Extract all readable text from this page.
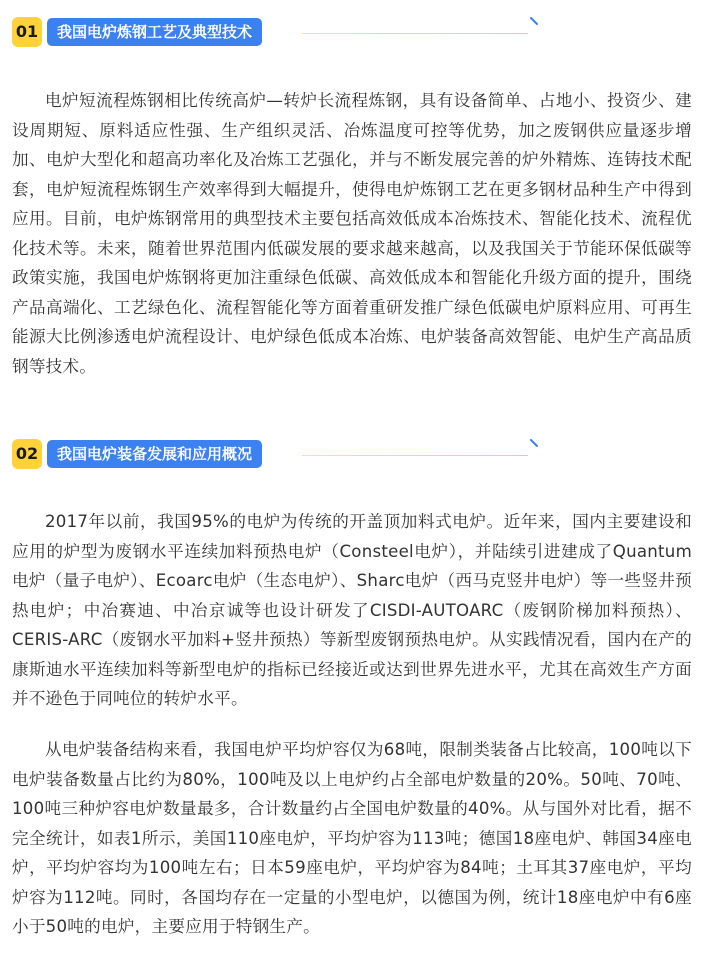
01	我国电炉炼钢工艺及典型技术

电炉短流程炼钢相比传统高炉—转炉长流程炼钢，具有设备简单、占地小、投资少、建设周期短、原料适应性强、生产组织灵活、冶炼温度可控等优势，加之废钢供应量逐步增加、电炉大型化和超高功率化及冶炼工艺强化，并与不断发展完善的炉外精炼、连铸技术配套，电炉短流程炼钢生产效率得到大幅提升，使得电炉炼钢工艺在更多钢材品种生产中得到应用。目前，电炉炼钢常用的典型技术主要包括高效低成本冶炼技术、智能化技术、流程优化技术等。未来，随着世界范围内低碳发展的要求越来越高，以及我国关于节能环保低碳等政策实施，我国电炉炼钢将更加注重绿色低碳、高效低成本和智能化升级方面的提升，围绕产品高端化、工艺绿色化、流程智能化等方面着重研发推广绿色低碳电炉原料应用、可再生能源大比例渗透电炉流程设计、电炉绿色低成本冶炼、电炉装备高效智能、电炉生产高品质钢等技术。

02	我国电炉装备发展和应用概况

2017年以前，我国95%的电炉为传统的开盖顶加料式电炉。近年来，国内主要建设和应用的炉型为废钢水平连续加料预热电炉（Consteel电炉），并陆续引进建成了Quantum电炉（量子电炉）、Ecoarc电炉（生态电炉）、Sharc电炉（西马克竖井电炉）等一些竖井预热电炉；中冶赛迪、中冶京诚等也设计研发了CISDI-AUTOARC（废钢阶梯加料预热）、CERIS-ARC（废钢水平加料+竖井预热）等新型废钢预热电炉。从实践情况看，国内在产的康斯迪水平连续加料等新型电炉的指标已经接近或达到世界先进水平，尤其在高效生产方面并不逊色于同吨位的转炉水平。

从电炉装备结构来看，我国电炉平均炉容仅为68吨，限制类装备占比较高，100吨以下电炉装备数量占比约为80%，100吨及以上电炉约占全部电炉数量的20%。50吨、70吨、100吨三种炉容电炉数量最多，合计数量约占全国电炉数量的40%。从与国外对比看，据不完全统计，如表1所示，美国110座电炉，平均炉容为113吨；德国18座电炉、韩国34座电炉，平均炉容均为100吨左右；日本59座电炉，平均炉容为84吨；土耳其37座电炉，平均炉容为112吨。同时，各国均存在一定量的小型电炉，以德国为例，统计18座电炉中有6座小于50吨的电炉，主要应用于特钢生产。
